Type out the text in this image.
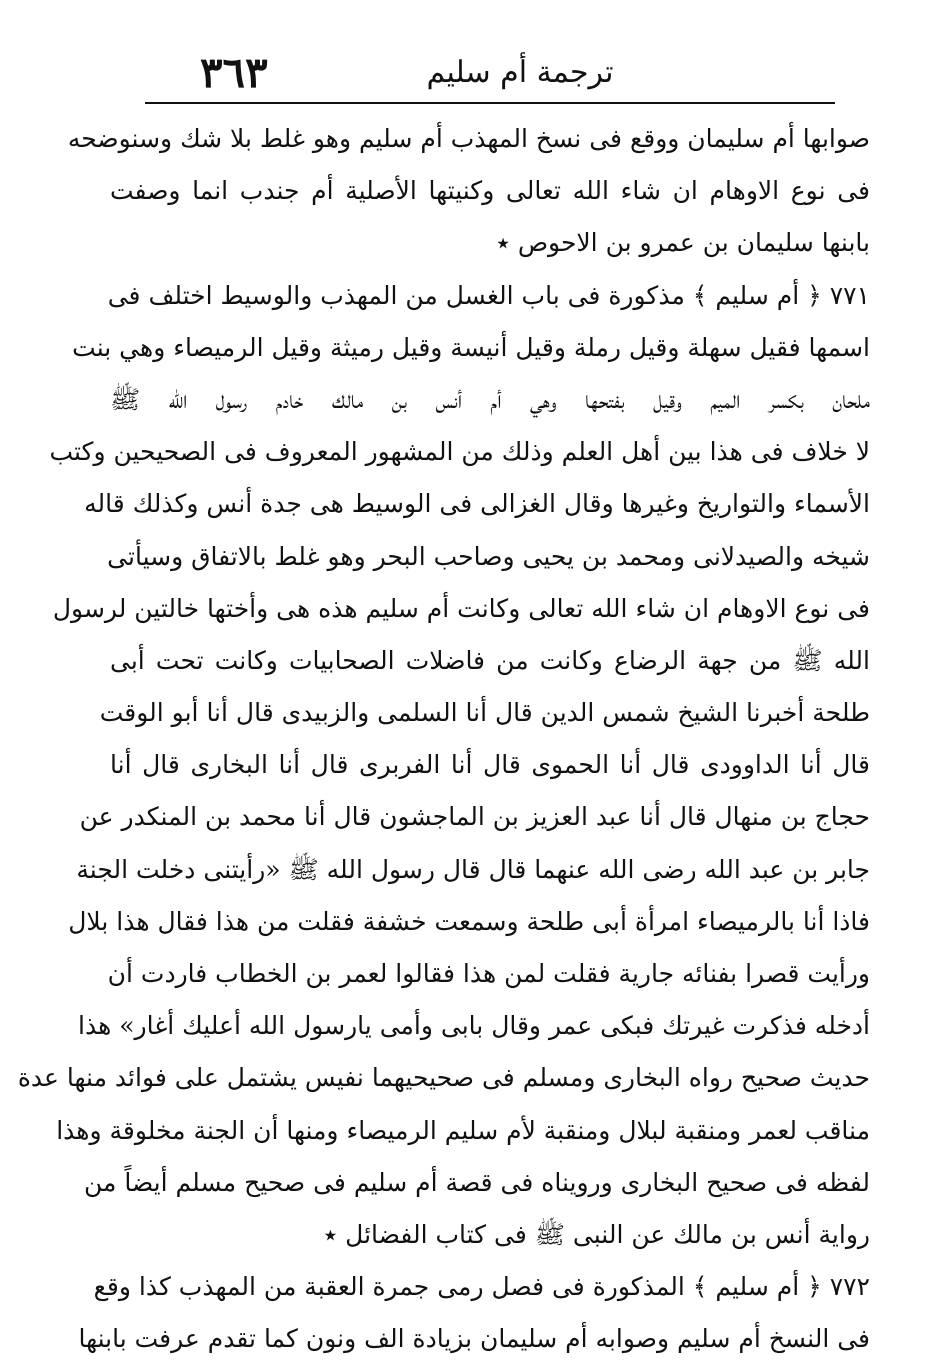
٣٦٣	ترجمة أم سليم
صوابها أم سليمان ووقع فى نسخ المهذب أم سليم وهو غلط بلا شك وسنوضحه
فى نوع الاوهام ان شاء الله تعالى وكنيتها الأصلية أم جندب انما وصفت
بابنها سليمان بن عمرو بن الاحوص ٭
٧٧١ ﴿ أم سليم ﴾ مذكورة فى باب الغسل من المهذب والوسيط اختلف فى
اسمها فقيل سهلة وقيل رملة وقيل أنيسة وقيل رميثة وقيل الرميصاء وهي بنت
ملحان بكسر الميم وقيل بفتحها وهي أم أنس بن مالك خادم رسول الله ﷺ
لا خلاف فى هذا بين أهل العلم وذلك من المشهور المعروف فى الصحيحين وكتب
الأسماء والتواريخ وغيرها وقال الغزالى فى الوسيط هى جدة أنس وكذلك قاله
شيخه والصيدلانى ومحمد بن يحيى وصاحب البحر وهو غلط بالاتفاق وسيأتى
فى نوع الاوهام ان شاء الله تعالى وكانت أم سليم هذه هى وأختها خالتين لرسول
الله ﷺ من جهة الرضاع وكانت من فاضلات الصحابيات وكانت تحت أبى
طلحة أخبرنا الشيخ شمس الدين قال أنا السلمى والزبيدى قال أنا أبو الوقت
قال أنا الداوودى قال أنا الحموى قال أنا الفربرى قال أنا البخارى قال أنا
حجاج بن منهال قال أنا عبد العزيز بن الماجشون قال أنا محمد بن المنكدر عن
جابر بن عبد الله رضى الله عنهما قال قال رسول الله ﷺ «رأيتنى دخلت الجنة
فاذا أنا بالرميصاء امرأة أبى طلحة وسمعت خشفة فقلت من هذا فقال هذا بلال
ورأيت قصرا بفنائه جارية فقلت لمن هذا فقالوا لعمر بن الخطاب فاردت أن
أدخله فذكرت غيرتك فبكى عمر وقال بابى وأمى يارسول الله أعليك أغار» هذا
حديث صحيح رواه البخارى ومسلم فى صحيحيهما نفيس يشتمل على فوائد منها عدة
مناقب لعمر ومنقبة لبلال ومنقبة لأم سليم الرميصاء ومنها أن الجنة مخلوقة وهذا
لفظه فى صحيح البخارى ورويناه فى قصة أم سليم فى صحيح مسلم أيضاً من
رواية أنس بن مالك عن النبى ﷺ فى كتاب الفضائل ٭
٧٧٢ ﴿ أم سليم ﴾ المذكورة فى فصل رمى جمرة العقبة من المهذب كذا وقع
فى النسخ أم سليم وصوابه أم سليمان بزيادة الف ونون كما تقدم عرفت بابنها
